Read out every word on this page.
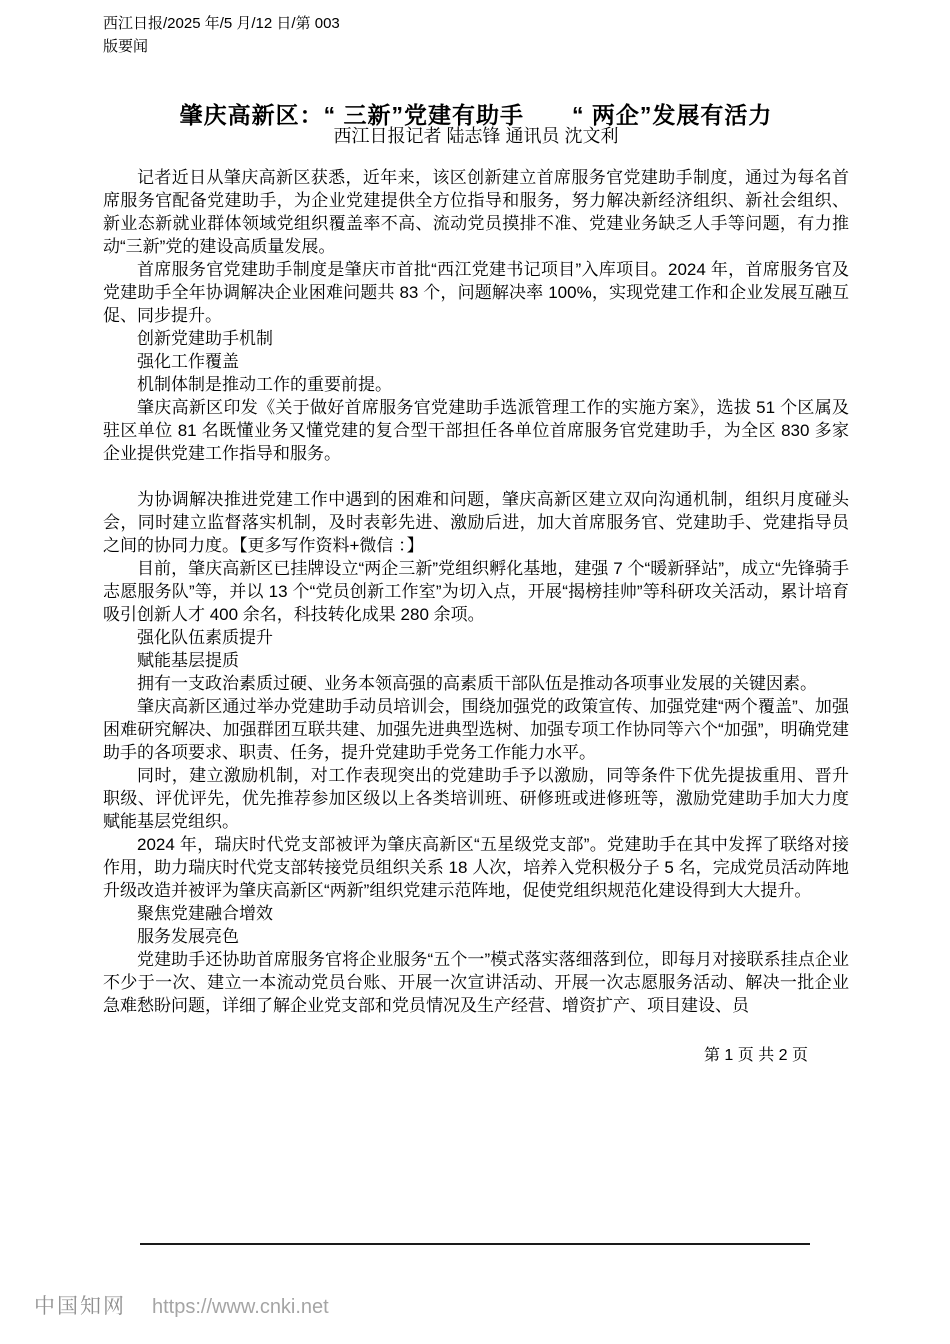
西江日报/2025 年/5 月/12 日/第 003
版要闻
肇庆高新区：“ 三新”党建有助手　　“ 两企”发展有活力
西江日报记者 陆志锋 通讯员 沈文利

记者近日从肇庆高新区获悉，近年来，该区创新建立首席服务官党建助手制度，通过为每名首席服务官配备党建助手，为企业党建提供全方位指导和服务，努力解决新经济组织、新社会组织、新业态新就业群体领域党组织覆盖率不高、流动党员摸排不准、党建业务缺乏人手等问题，有力推动“三新”党的建设高质量发展。

首席服务官党建助手制度是肇庆市首批“西江党建书记项目”入库项目。2024 年，首席服务官及党建助手全年协调解决企业困难问题共 83 个，问题解决率 100%，实现党建工作和企业发展互融互促、同步提升。

创新党建助手机制

强化工作覆盖

机制体制是推动工作的重要前提。

肇庆高新区印发《关于做好首席服务官党建助手选派管理工作的实施方案》，选拔 51 个区属及驻区单位 81 名既懂业务又懂党建的复合型干部担任各单位首席服务官党建助手，为全区 830 多家企业提供党建工作指导和服务。

为协调解决推进党建工作中遇到的困难和问题，肇庆高新区建立双向沟通机制，组织月度碰头会，同时建立监督落实机制，及时表彰先进、激励后进，加大首席服务官、党建助手、党建指导员之间的协同力度。【更多写作资料+微信 ：】

目前，肇庆高新区已挂牌设立“两企三新”党组织孵化基地，建强 7 个“暖新驿站”，成立“先锋骑手志愿服务队”等，并以 13 个“党员创新工作室”为切入点，开展“揭榜挂帅”等科研攻关活动，累计培育吸引创新人才 400 余名，科技转化成果 280 余项。

强化队伍素质提升

赋能基层提质

拥有一支政治素质过硬、业务本领高强的高素质干部队伍是推动各项事业发展的关键因素。

肇庆高新区通过举办党建助手动员培训会，围绕加强党的政策宣传、加强党建“两个覆盖”、加强困难研究解决、加强群团互联共建、加强先进典型选树、加强专项工作协同等六个“加强”，明确党建助手的各项要求、职责、任务，提升党建助手党务工作能力水平。

同时，建立激励机制，对工作表现突出的党建助手予以激励，同等条件下优先提拔重用、晋升职级、评优评先，优先推荐参加区级以上各类培训班、研修班或进修班等，激励党建助手加大力度赋能基层党组织。

2024 年，瑞庆时代党支部被评为肇庆高新区“五星级党支部”。党建助手在其中发挥了联络对接作用，助力瑞庆时代党支部转接党员组织关系 18 人次，培养入党积极分子 5 名，完成党员活动阵地升级改造并被评为肇庆高新区“两新”组织党建示范阵地，促使党组织规范化建设得到大大提升。

聚焦党建融合增效

服务发展亮色

党建助手还协助首席服务官将企业服务“五个一”模式落实落细落到位，即每月对接联系挂点企业不少于一次、建立一本流动党员台账、开展一次宣讲活动、开展一次志愿服务活动、解决一批企业急难愁盼问题，详细了解企业党支部和党员情况及生产经营、增资扩产、项目建设、员

第 1 页 共 2 页
中国知网 https://www.cnki.net
